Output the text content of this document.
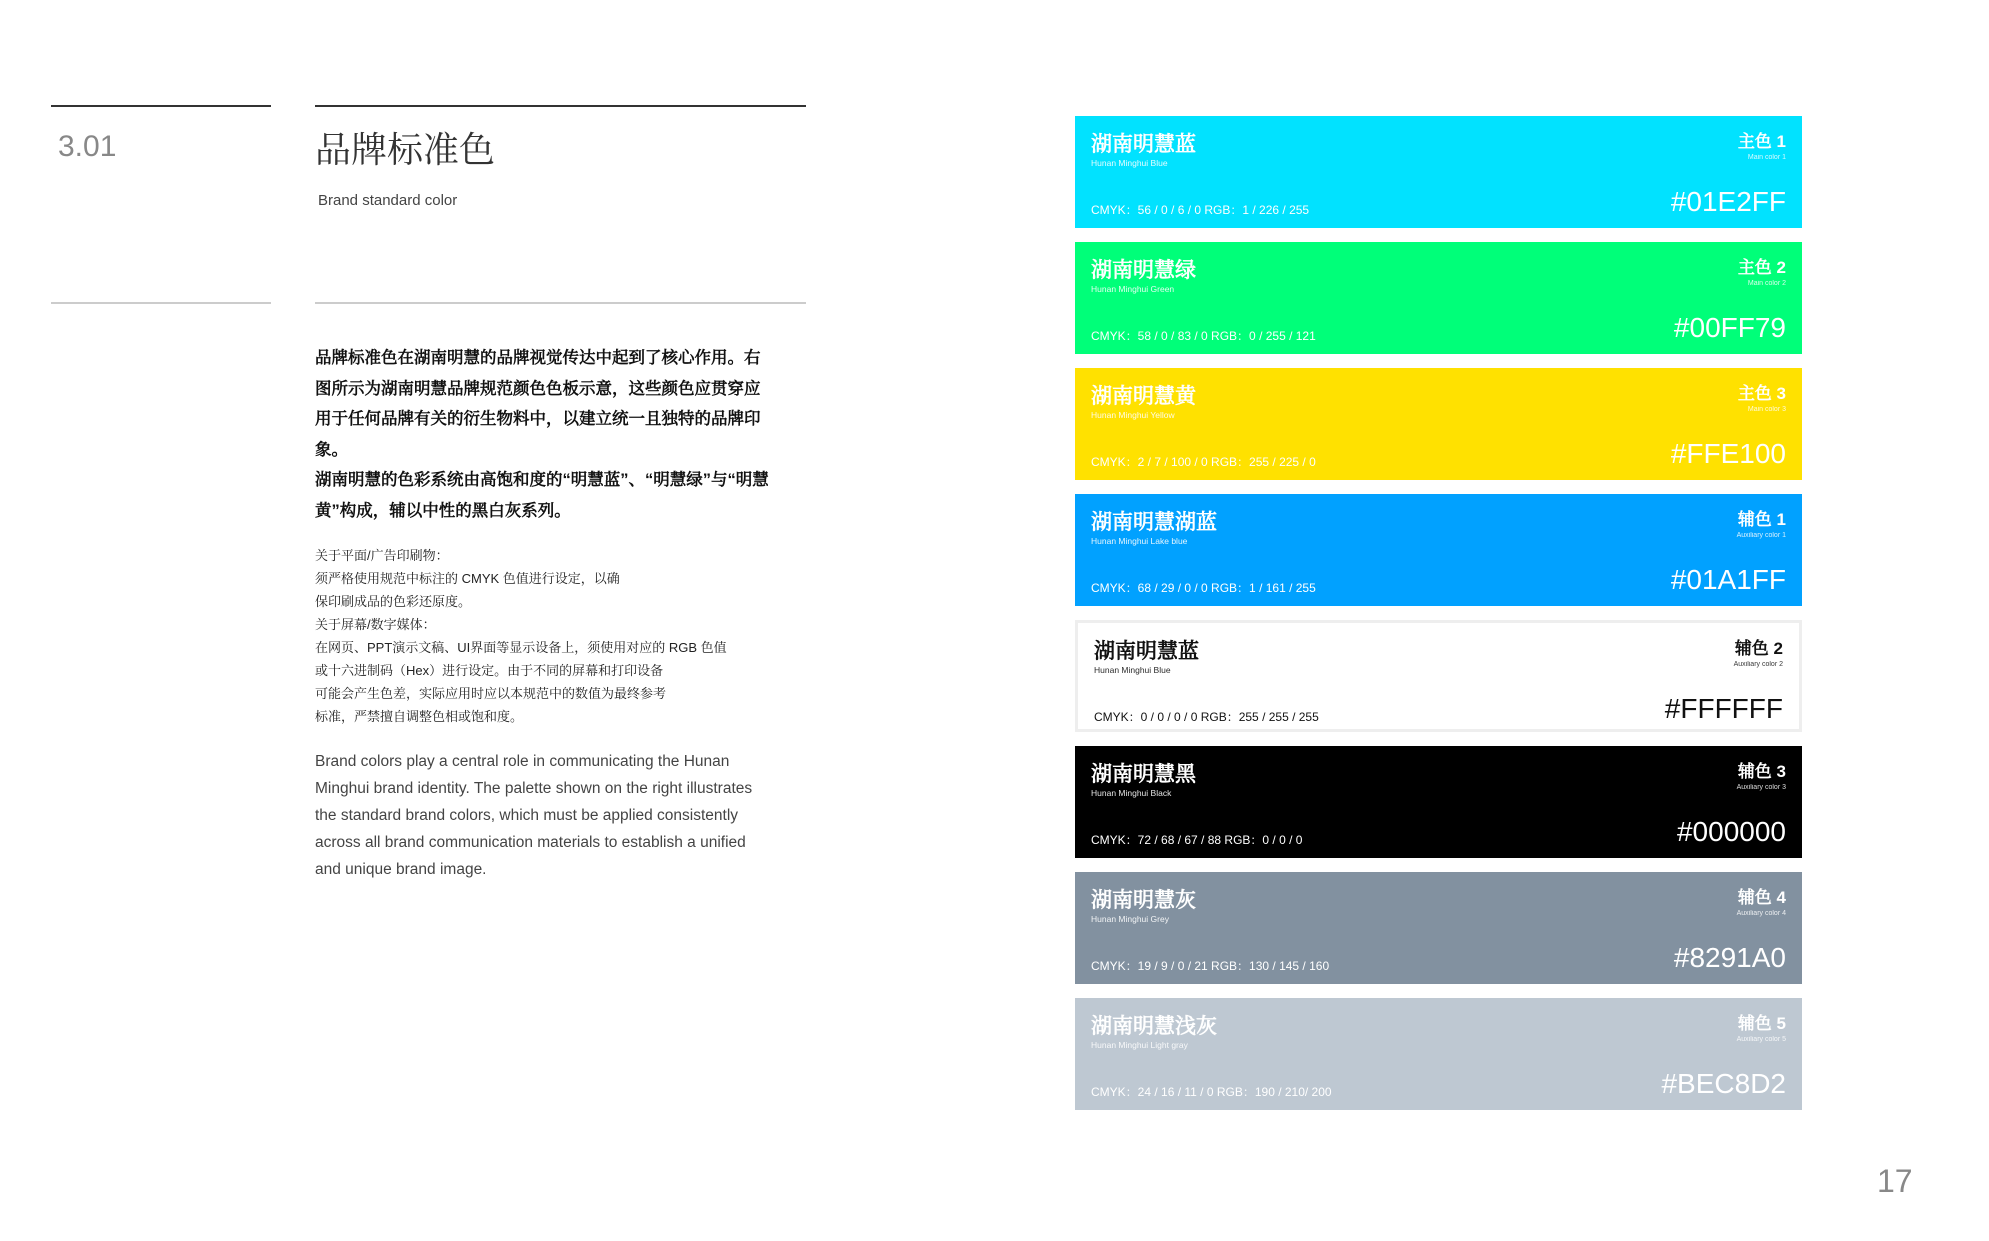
3.01	品牌标准色
Brand standard color

品牌标准色在湖南明慧的品牌视觉传达中起到了核心作用。右图所示为湖南明慧品牌规范颜色色板示意，这些颜色应贯穿应用于任何品牌有关的衍生物料中，以建立统一且独特的品牌印象。

湖南明慧的色彩系统由高饱和度的“明慧蓝”、“明慧绿”与“明慧黄”构成，辅以中性的黑白灰系列。

关于平面/广告印刷物：
须严格使用规范中标注的 CMYK 色值进行设定，以确
保印刷成品的色彩还原度。
关于屏幕/数字媒体：
在网页、PPT演示文稿、UI界面等显示设备上，须使用对应的 RGB 色值
或十六进制码（Hex）进行设定。由于不同的屏幕和打印设备
可能会产生色差，实际应用时应以本规范中的数值为最终参考
标准，严禁擅自调整色相或饱和度。
Brand colors play a central role in communicating the Hunan Minghui brand identity. The palette shown on the right illustrates the standard brand colors, which must be applied consistently across all brand communication materials to establish a unified and unique brand image.
湖南明慧蓝
Hunan Minghui Blue
CMYK：56 / 0 / 6 / 0 RGB：1 / 226 / 255
主色 1
Main color 1
#01E2FF
湖南明慧绿
Hunan Minghui Green
CMYK：58 / 0 / 83 / 0 RGB：0 / 255 / 121
主色 2
Main color 2
#00FF79
湖南明慧黄
Hunan Minghui Yellow
CMYK：2 / 7 / 100 / 0 RGB：255 / 225 / 0
主色 3
Main color 3
#FFE100
湖南明慧湖蓝
Hunan Minghui Lake blue
CMYK：68 / 29 / 0 / 0 RGB：1 / 161 / 255
辅色 1
Auxiliary color 1
#01A1FF
湖南明慧蓝
Hunan Minghui Blue
CMYK：0 / 0 / 0 / 0 RGB：255 / 255 / 255
辅色 2
Auxiliary color 2
#FFFFFF
湖南明慧黑
Hunan Minghui Black
CMYK：72 / 68 / 67 / 88 RGB：0 / 0 / 0
辅色 3
Auxiliary color 3
#000000
湖南明慧灰
Hunan Minghui Grey
CMYK：19 / 9 / 0 / 21 RGB：130 / 145 / 160
辅色 4
Auxiliary color 4
#8291A0
湖南明慧浅灰
Hunan Minghui Light gray
CMYK：24 / 16 / 11 / 0 RGB：190 / 210/ 200
辅色 5
Auxiliary color 5
#BEC8D2
17
